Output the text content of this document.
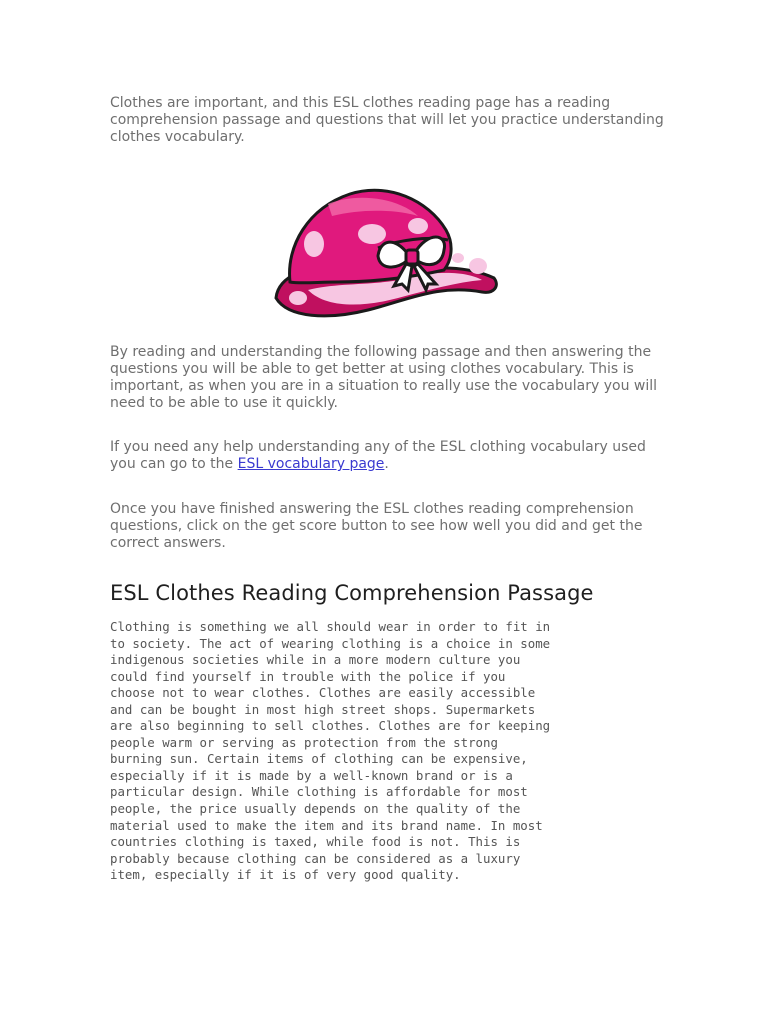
Clothes are important, and this ESL clothes reading page has a reading
comprehension passage and questions that will let you practice understanding
clothes vocabulary.

By reading and understanding the following passage and then answering the
questions you will be able to get better at using clothes vocabulary. This is
important, as when you are in a situation to really use the vocabulary you will
need to be able to use it quickly.

If you need any help understanding any of the ESL clothing vocabulary used
you can go to the ESL vocabulary page.

Once you have finished answering the ESL clothes reading comprehension
questions, click on the get score button to see how well you did and get the
correct answers.

ESL Clothes Reading Comprehension Passage
Clothing is something we all should wear in order to fit in
to society. The act of wearing clothing is a choice in some
indigenous societies while in a more modern culture you
could find yourself in trouble with the police if you
choose not to wear clothes. Clothes are easily accessible
and can be bought in most high street shops. Supermarkets
are also beginning to sell clothes. Clothes are for keeping
people warm or serving as protection from the strong
burning sun. Certain items of clothing can be expensive,
especially if it is made by a well-known brand or is a
particular design. While clothing is affordable for most
people, the price usually depends on the quality of the
material used to make the item and its brand name. In most
countries clothing is taxed, while food is not. This is
probably because clothing can be considered as a luxury
item, especially if it is of very good quality.
